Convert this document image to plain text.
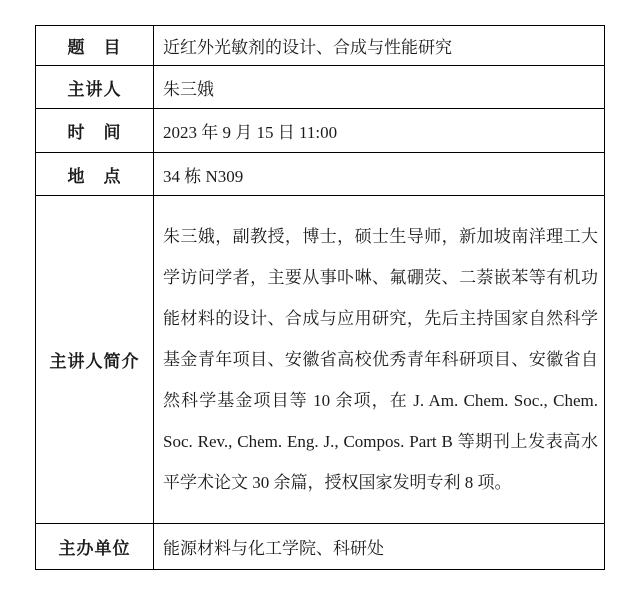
题　目	近红外光敏剂的设计、合成与性能研究
主讲人	朱三娥
时　间	2023 年 9 月 15 日 11:00
地　点	34 栋 N309
主讲人简介	朱三娥，副教授，博士，硕士生导师，新加坡南洋理工大学访问学者，主要从事卟啉、氟硼荧、二萘嵌苯等有机功能材料的设计、合成与应用研究，先后主持国家自然科学基金青年项目、安徽省高校优秀青年科研项目、安徽省自然科学基金项目等 10 余项，在 J. Am. Chem. Soc., Chem. Soc. Rev., Chem. Eng. J., Compos. Part B 等期刊上发表高水平学术论文 30 余篇，授权国家发明专利 8 项。
主办单位	能源材料与化工学院、科研处
